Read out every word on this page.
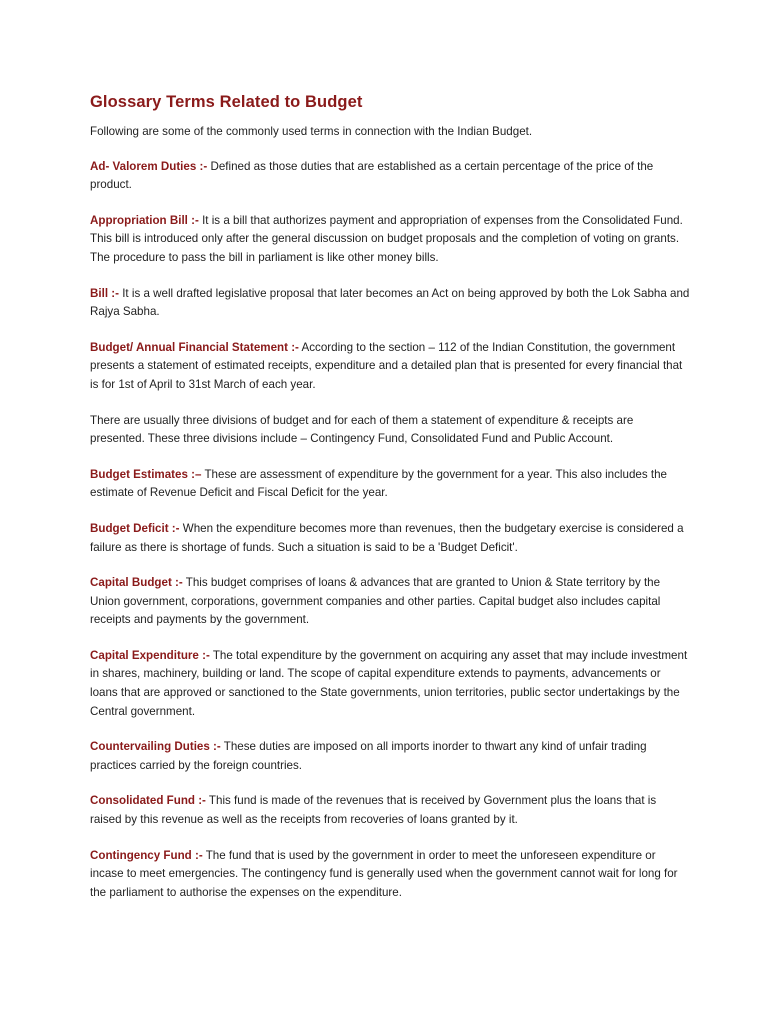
Glossary Terms Related to Budget

Following are some of the commonly used terms in connection with the Indian Budget.

Ad- Valorem Duties :- Defined as those duties that are established as a certain percentage of the price of the product.

Appropriation Bill :- It is a bill that authorizes payment and appropriation of expenses from the Consolidated Fund. This bill is introduced only after the general discussion on budget proposals and the completion of voting on grants. The procedure to pass the bill in parliament is like other money bills.

Bill :- It is a well drafted legislative proposal that later becomes an Act on being approved by both the Lok Sabha and Rajya Sabha.

Budget/ Annual Financial Statement :- According to the section – 112 of the Indian Constitution, the government presents a statement of estimated receipts, expenditure and a detailed plan that is presented for every financial that is for 1st of April to 31st March of each year.

There are usually three divisions of budget and for each of them a statement of expenditure & receipts are presented. These three divisions include – Contingency Fund, Consolidated Fund and Public Account.

Budget Estimates :– These are assessment of expenditure by the government for a year. This also includes the estimate of Revenue Deficit and Fiscal Deficit for the year.

Budget Deficit :- When the expenditure becomes more than revenues, then the budgetary exercise is considered a failure as there is shortage of funds. Such a situation is said to be a 'Budget Deficit'.

Capital Budget :- This budget comprises of loans & advances that are granted to Union & State territory by the Union government, corporations, government companies and other parties. Capital budget also includes capital receipts and payments by the government.

Capital Expenditure :- The total expenditure by the government on acquiring any asset that may include investment in shares, machinery, building or land. The scope of capital expenditure extends to payments, advancements or loans that are approved or sanctioned to the State governments, union territories, public sector undertakings by the Central government.

Countervailing Duties :- These duties are imposed on all imports inorder to thwart any kind of unfair trading practices carried by the foreign countries.

Consolidated Fund :- This fund is made of the revenues that is received by Government plus the loans that is raised by this revenue as well as the receipts from recoveries of loans granted by it.

Contingency Fund :- The fund that is used by the government in order to meet the unforeseen expenditure or incase to meet emergencies. The contingency fund is generally used when the government cannot wait for long for the parliament to authorise the expenses on the expenditure.
